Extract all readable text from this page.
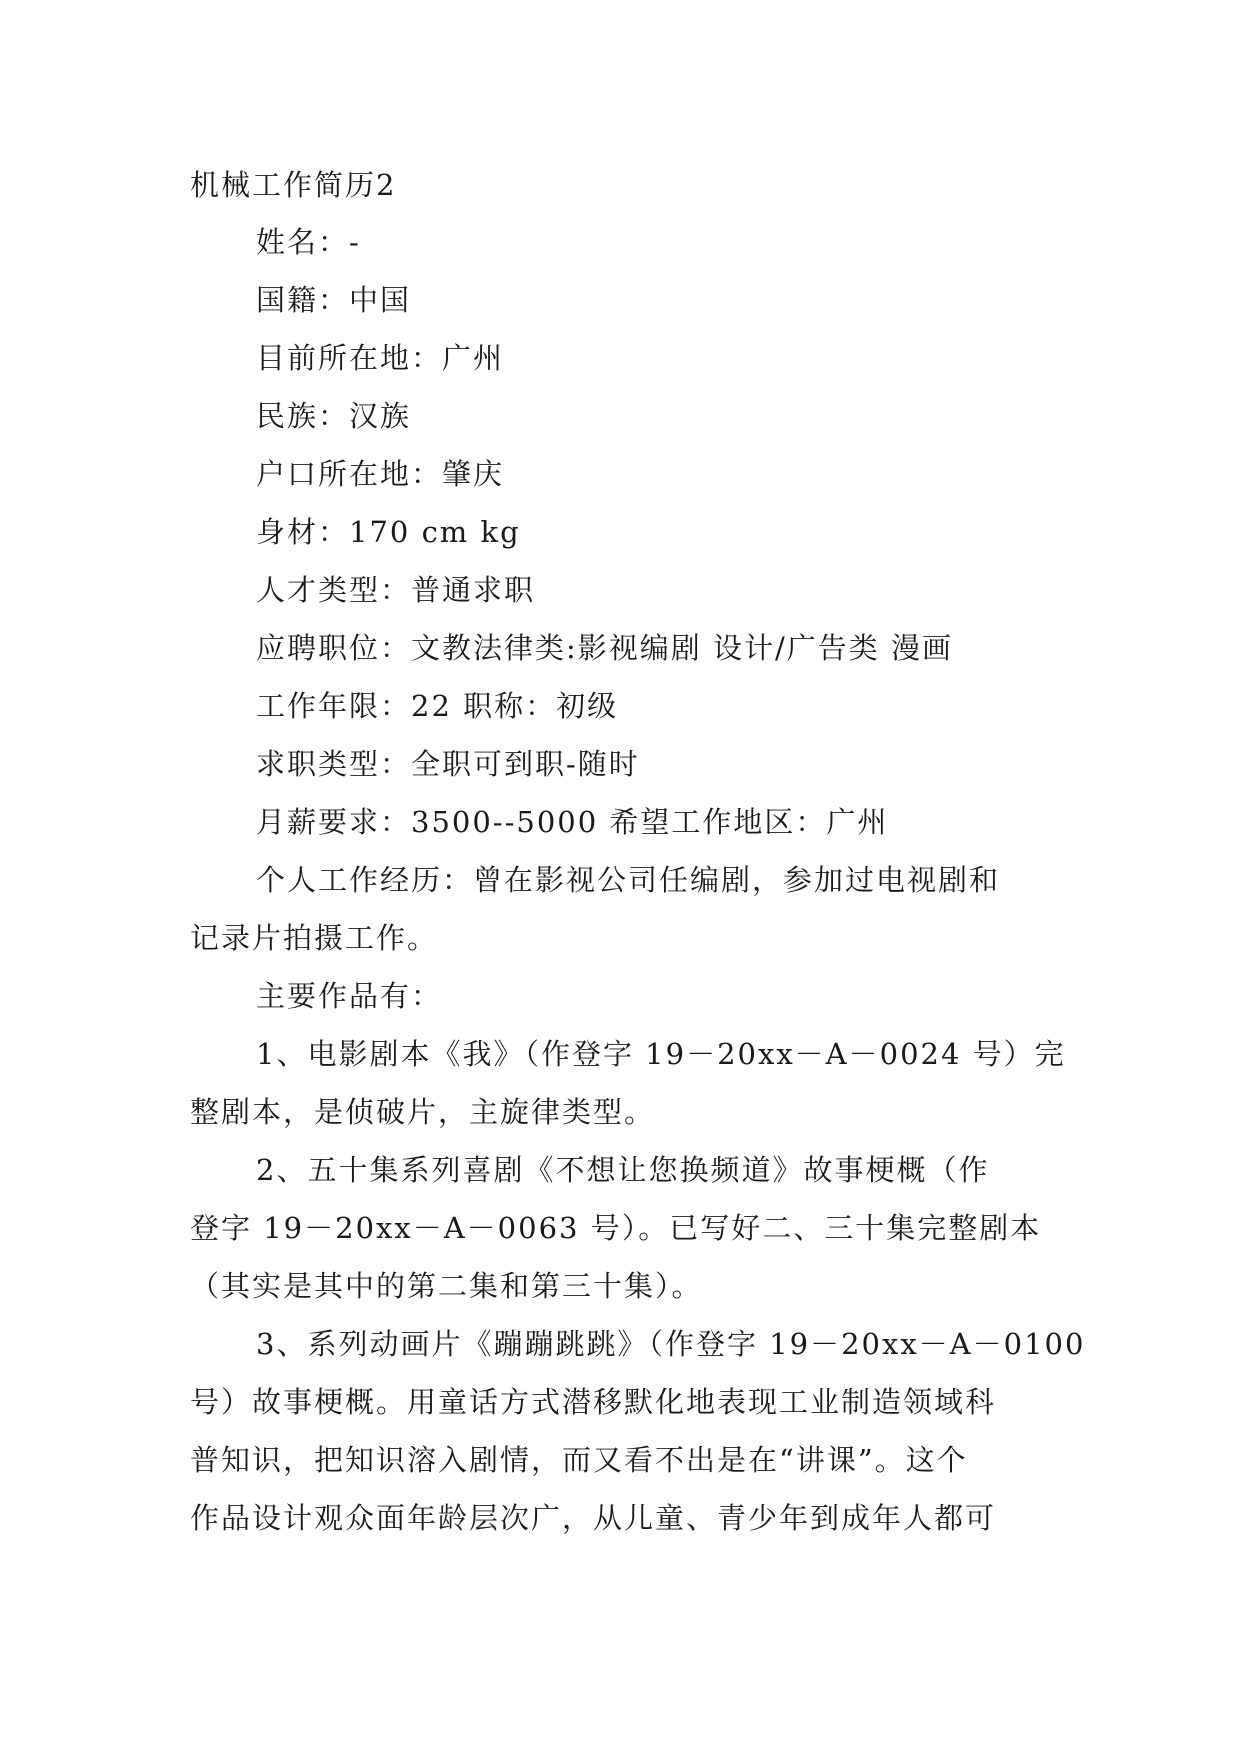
机械工作简历2
姓名：-
国籍：中国
目前所在地：广州
民族：汉族
户口所在地：肇庆
身材：170 cm kg
人才类型：普通求职
应聘职位：文教法律类:影视编剧 设计/广告类 漫画
工作年限：22 职称：初级
求职类型：全职可到职-随时
月薪要求：3500--5000 希望工作地区：广州
个人工作经历：曾在影视公司任编剧，参加过电视剧和
记录片拍摄工作。
主要作品有：
1、电影剧本《我》（作登字 19－20xx－A－0024 号）完
整剧本，是侦破片，主旋律类型。
2、五十集系列喜剧《不想让您换频道》故事梗概（作
登字 19－20xx－A－0063 号）。已写好二、三十集完整剧本
（其实是其中的第二集和第三十集）。
3、系列动画片《蹦蹦跳跳》（作登字 19－20xx－A－0100
号）故事梗概。用童话方式潜移默化地表现工业制造领域科
普知识，把知识溶入剧情，而又看不出是在“讲课”。这个
作品设计观众面年龄层次广，从儿童、青少年到成年人都可
